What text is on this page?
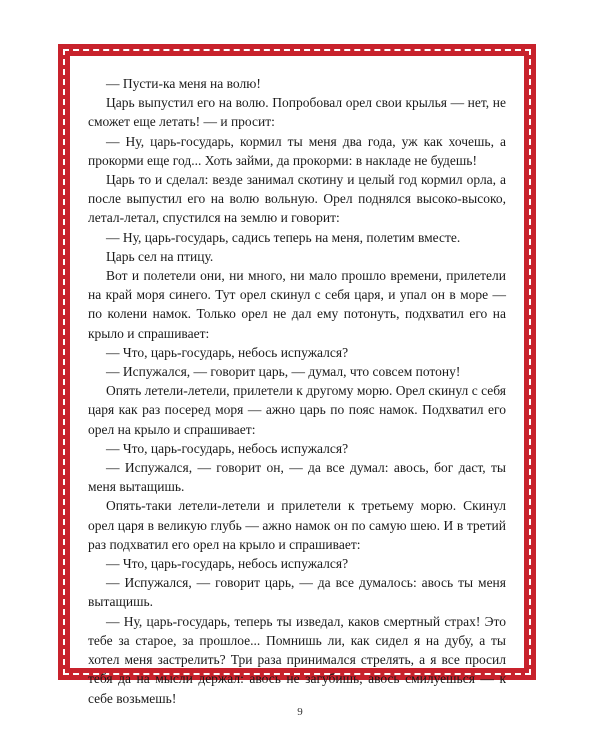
— Пусти-ка меня на волю!

Царь выпустил его на волю. Попробовал орел свои крылья — нет, не сможет еще летать! — и просит:

— Ну, царь-государь, кормил ты меня два года, уж как хочешь, а прокорми еще год... Хоть займи, да прокорми: в накладе не будешь!

Царь то и сделал: везде занимал скотину и целый год кормил орла, а после выпустил его на волю вольную. Орел поднялся высоко-высоко, летал-летал, спустился на землю и говорит:

— Ну, царь-государь, садись теперь на меня, полетим вместе.

Царь сел на птицу.

Вот и полетели они, ни много, ни мало прошло времени, прилетели на край моря синего. Тут орел скинул с себя царя, и упал он в море — по колени намок. Только орел не дал ему потонуть, подхватил его на крыло и спрашивает:

— Что, царь-государь, небось испужался?

— Испужался, — говорит царь, — думал, что совсем потону!

Опять летели-летели, прилетели к другому морю. Орел скинул с себя царя как раз посеред моря — ажно царь по пояс намок. Подхватил его орел на крыло и спрашивает:

— Что, царь-государь, небось испужался?

— Испужался, — говорит он, — да все думал: авось, бог даст, ты меня вытащишь.

Опять-таки летели-летели и прилетели к третьему морю. Скинул орел царя в великую глубь — ажно намок он по самую шею. И в третий раз подхватил его орел на крыло и спрашивает:

— Что, царь-государь, небось испужался?

— Испужался, — говорит царь, — да все думалось: авось ты меня вытащишь.

— Ну, царь-государь, теперь ты изведал, каков смертный страх! Это тебе за старое, за прошлое... Помнишь ли, как сидел я на дубу, а ты хотел меня застрелить? Три раза принимался стрелять, а я все просил тебя да на мысли держал: авось не загубишь, авось смилуешься — к себе возьмешь!

9
